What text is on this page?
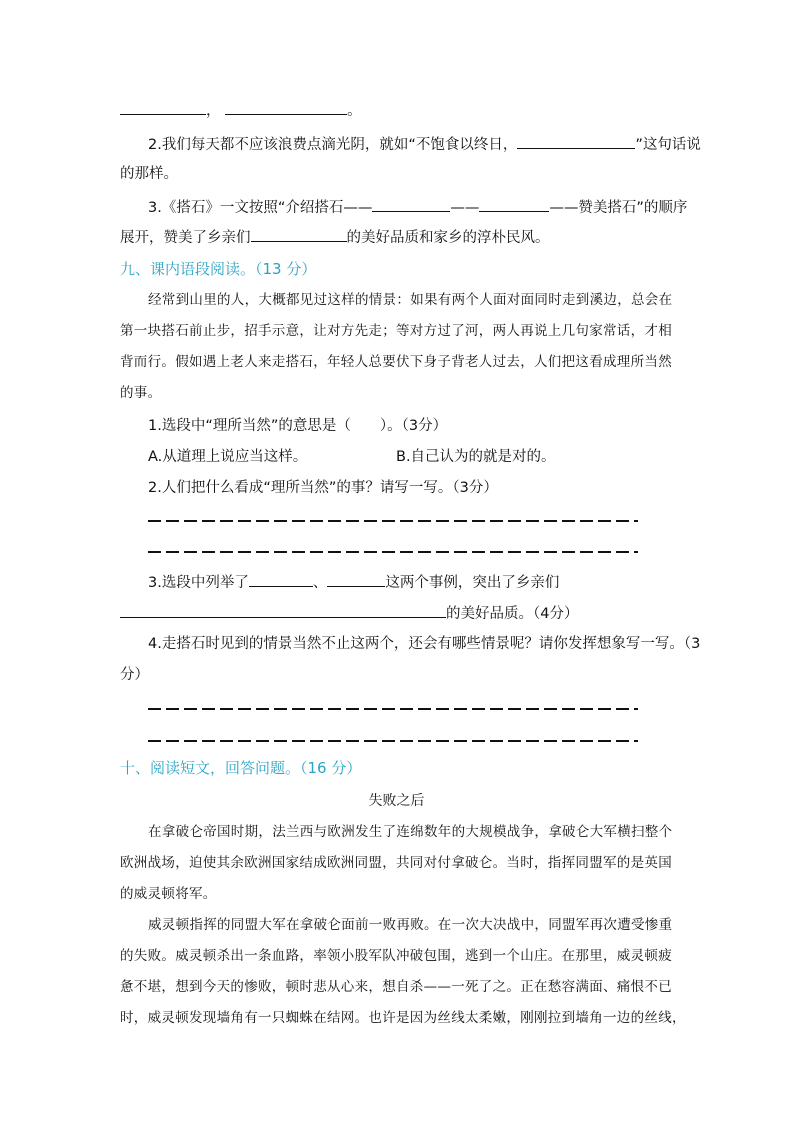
，	。
2.我们每天都不应该浪费点滴光阴，就如“不饱食以终日，	”这句话说
的那样。
3.《搭石》一文按照“介绍搭石——	——	——赞美搭石”的顺序
展开，赞美了乡亲们	的美好品质和家乡的淳朴民风。
九、课内语段阅读。（13 分）
经常到山里的人，大概都见过这样的情景：如果有两个人面对面同时走到溪边，总会在
第一块搭石前止步，招手示意，让对方先走；等对方过了河，两人再说上几句家常话，才相
背而行。假如遇上老人来走搭石，年轻人总要伏下身子背老人过去，人们把这看成理所当然
的事。
1.选段中“理所当然”的意思是（　　）。（3分）
A.从道理上说应当这样。	B.自己认为的就是对的。
2.人们把什么看成“理所当然”的事？请写一写。（3分）
3.选段中列举了	、	这两个事例，突出了乡亲们
的美好品质。（4分）
4.走搭石时见到的情景当然不止这两个，还会有哪些情景呢？请你发挥想象写一写。（3
分）
十、阅读短文，回答问题。（16 分）
失败之后
在拿破仑帝国时期，法兰西与欧洲发生了连绵数年的大规模战争，拿破仑大军横扫整个
欧洲战场，迫使其余欧洲国家结成欧洲同盟，共同对付拿破仑。当时，指挥同盟军的是英国
的威灵顿将军。
威灵顿指挥的同盟大军在拿破仑面前一败再败。在一次大决战中，同盟军再次遭受惨重
的失败。威灵顿杀出一条血路，率领小股军队冲破包围，逃到一个山庄。在那里，威灵顿疲
惫不堪，想到今天的惨败，顿时悲从心来，想自杀——一死了之。正在愁容满面、痛恨不已
时，威灵顿发现墙角有一只蜘蛛在结网。也许是因为丝线太柔嫩，刚刚拉到墙角一边的丝线，
